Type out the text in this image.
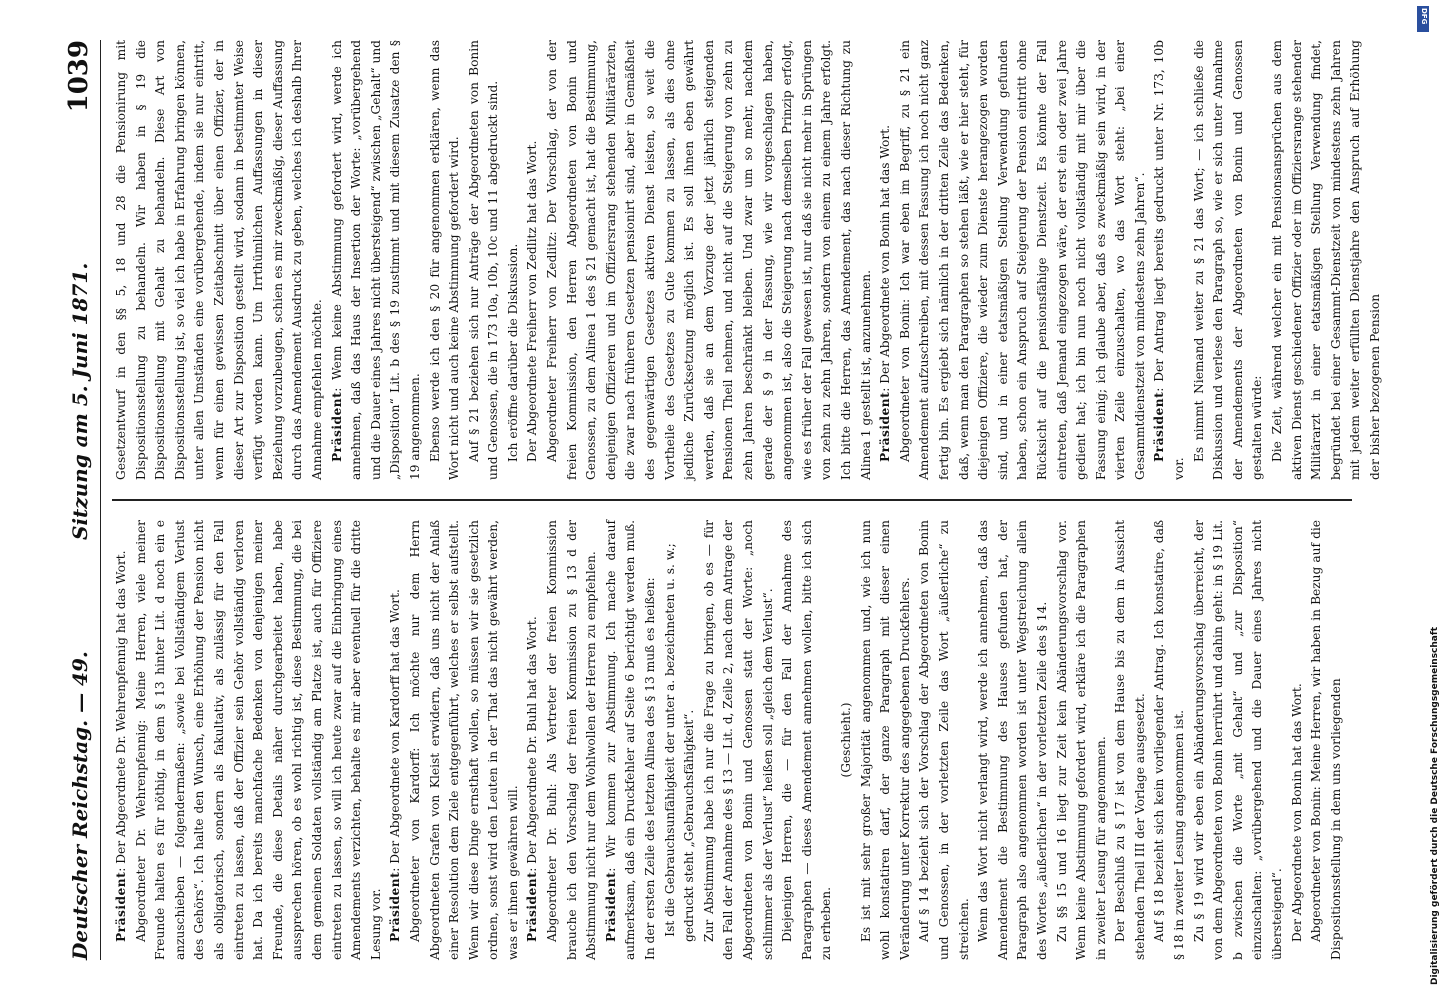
Deutscher Reichstag. — 49.
Sitzung am 5. Juni 1871.
1039

Präsident: Der Abgeordnete Dr. Wehrenpfennig hat das Wort. Abgeordneter Dr. Wehrenpfennig: Meine Herren, viele meiner Freunde halten es für nöthig, in dem § 13 hinter Lit. d noch ein e anzuschieben — folgendermaßen: „sowie bei Vollständigem Verlust des Gehörs“. Ich halte den Wunsch, eine Erhöhung der Pension nicht als obligatorisch, sondern als fakultativ, als zulässig für den Fall eintreten zu lassen, daß der Offizier sein Gehör vollständig verloren hat. Da ich bereits manchfache Bedenken von denjenigen meiner Freunde, die diese Details näher durchgearbeitet haben, habe aussprechen hören, ob es wohl richtig ist, diese Bestimmung, die bei dem gemeinen Soldaten vollständig am Platze ist, auch für Offiziere eintreten zu lassen, so will ich heute zwar auf die Einbringung eines Amendements verzichten, behalte es mir aber eventuell für die dritte Lesung vor. Präsident: Der Abgeordnete von Kardorff hat das Wort. Abgeordneter von Kardorff: Ich möchte nur dem Herrn Abgeordneten Grafen von Kleist erwidern, daß uns nicht der Anlaß einer Resolution dem Ziele entgegenführt, welches er selbst aufstellt. Wenn wir diese Dinge ernsthaft wollen, so müssen wir sie gesetzlich ordnen, sonst wird den Leuten in der That das nicht gewährt werden, was er ihnen gewähren will. Präsident: Der Abgeordnete Dr. Buhl hat das Wort. Abgeordneter Dr. Buhl: Als Vertreter der freien Kommission brauche ich den Vorschlag der freien Kommission zu § 13 d der Abstimmung nicht nur dem Wohlwollen der Herren zu empfehlen. Präsident: Wir kommen zur Abstimmung. Ich mache darauf aufmerksam, daß ein Druckfehler auf Seite 6 berichtigt werden muß. In der ersten Zeile des letzten Alinea des § 13 muß es heißen: Ist die Gebrauchsunfähigkeit der unter a. bezeichneten u. s. w.; gedruckt steht „Gebrauchsfähigkeit“. Zur Abstimmung habe ich nur die Frage zu bringen, ob es — für den Fall der Annahme des § 13 — Lit. d, Zeile 2, nach dem Antrage der Abgeordneten von Bonin und Genossen statt der Worte: „noch schlimmer als der Verlust“ heißen soll „gleich dem Verlust“. Diejenigen Herren, die — für den Fall der Annahme des Paragraphen — dieses Amendement annehmen wollen, bitte ich sich zu erheben.

(Geschieht.) Es ist mit sehr großer Majorität angenommen und, wie ich nun wohl konstatiren darf, der ganze Paragraph mit dieser einen Veränderung unter Korrektur des angegebenen Druckfehlers. Auf § 14 bezieht sich der Vorschlag der Abgeordneten von Bonin und Genossen, in der vorletzten Zeile das Wort „äußerliche“ zu streichen. Wenn das Wort nicht verlangt wird, werde ich annehmen, daß das Amendement die Bestimmung des Hauses gefunden hat, der Paragraph also angenommen worden ist unter Wegstreichung allein des Wortes „äußerlichen“ in der vorletzten Zeile des § 14. Zu §§ 15 und 16 liegt zur Zeit kein Abänderungsvorschlag vor. Wenn keine Abstimmung gefordert wird, erkläre ich die Paragraphen in zweiter Lesung für angenommen. Der Beschluß zu § 17 ist von dem Hause bis zu dem in Aussicht stehenden Theil III der Vorlage ausgesetzt. Auf § 18 bezieht sich kein vorliegender Antrag. Ich konstatire, daß § 18 in zweiter Lesung angenommen ist. Zu § 19 wird wir eben ein Abänderungsvorschlag überreicht, der von dem Abgeordneten von Bonin herrührt und dahin geht: in § 19 Lit. b zwischen die Worte „mit Gehalt“ und „zur Disposition“ einzuschalten: „vorübergehend und die Dauer eines Jahres nicht übersteigend“. Der Abgeordnete von Bonin hat das Wort. Abgeordneter von Bonin: Meine Herren, wir haben in Bezug auf die Dispositionsstellung in dem uns vorliegenden

Gesetzentwurf in den §§ 5, 18 und 28 die Pensionirung mit Dispositionsstellung zu behandeln. Wir haben in § 19 die Dispositionsstellung mit Gehalt zu behandeln. Diese Art von Dispositionsstellung ist, so viel ich habe in Erfahrung bringen können, unter allen Umständen eine vorübergehende, indem sie nur eintritt, wenn für einen gewissen Zeitabschnitt über einen Offizier, der in dieser Art zur Disposition gestellt wird, sodann in bestimmter Weise verfügt worden kann. Um Irrthümlichen Auffassungen in dieser Beziehung vorzubeugen, schien es mir zweckmäßig, dieser Auffassung durch das Amendement Ausdruck zu geben, welches ich deshalb Ihrer Annahme empfehlen möchte. Präsident: Wenn keine Abstimmung gefordert wird, werde ich annehmen, daß das Haus der Insertion der Worte: „vorübergehend und die Dauer eines Jahres nicht übersteigend“ zwischen „Gehalt“ und „Disposition“ Lit. b des § 19 zustimmt und mit diesem Zusatze den § 19 angenommen. Ebenso werde ich den § 20 für angenommen erklären, wenn das Wort nicht und auch keine Abstimmung gefordert wird. Auf § 21 beziehen sich nur Anträge der Abgeordneten von Bonin und Genossen, die in 173 10a, 10b, 10c und 11 abgedruckt sind. Ich eröffne darüber die Diskussion. Der Abgeordnete Freiherr von Zedlitz hat das Wort. Abgeordneter Freiherr von Zedlitz: Der Vorschlag, der von der freien Kommission, den Herren Abgeordneten von Bonin und Genossen, zu dem Alinea 1 des § 21 gemacht ist, hat die Bestimmung, denjenigen Offizieren und im Offiziersrang stehenden Militärärzten, die zwar nach früheren Gesetzen pensionirt sind, aber in Gemäßheit des gegenwärtigen Gesetzes aktiven Dienst leisten, so weit die Vortheile des Gesetzes zu Gute kommen zu lassen, als dies ohne jedliche Zurücksetzung möglich ist. Es soll ihnen eben gewährt werden, daß sie an dem Vorzuge der jetzt jährlich steigenden Pensionen Theil nehmen, und nicht auf die Steigerung von zehn zu zehn Jahren beschränkt bleiben. Und zwar um so mehr, nachdem gerade der § 9 in der Fassung, wie wir vorgeschlagen haben, angenommen ist, also die Steigerung nach demselben Prinzip erfolgt, wie es früher der Fall gewesen ist, nur daß sie nicht mehr in Sprüngen von zehn zu zehn Jahren, sondern von einem zu einem Jahre erfolgt. Ich bitte die Herren, das Amendement, das nach dieser Richtung zu Alinea 1 gestellt ist, anzunehmen. Präsident: Der Abgeordnete von Bonin hat das Wort. Abgeordneter von Bonin: Ich war eben im Begriff, zu § 21 ein Amendement aufzuschreiben, mit dessen Fassung ich noch nicht ganz fertig bin. Es ergiebt sich nämlich in der dritten Zeile das Bedenken, daß, wenn man den Paragraphen so stehen läßt, wie er hier steht, für diejenigen Offiziere, die wieder zum Dienste herangezogen worden sind, und in einer etatsmäßigen Stellung Verwendung gefunden haben, schon ein Anspruch auf Steigerung der Pension eintritt ohne Rücksicht auf die pensionsfähige Dienstzeit. Es könnte der Fall eintreten, daß Jemand eingezogen wäre, der erst ein oder zwei Jahre gedient hat; ich bin nun noch nicht vollständig mit mir über die Fassung einig; ich glaube aber, daß es zweckmäßig sein wird, in der vierten Zeile einzuschalten, wo das Wort steht: „bei einer Gesammtdienstzeit von mindestens zehn Jahren“. Präsident: Der Antrag liegt bereits gedruckt unter Nr. 173, 10b vor.

Es nimmt Niemand weiter zu § 21 das Wort; — ich schließe die Diskussion und verlese den Paragraph so, wie er sich unter Annahme der Amendements der Abgeordneten von Bonin und Genossen gestalten würde: Die Zeit, während welcher ein mit Pensionsansprüchen aus dem aktiven Dienst geschiedener Offizier oder im Offiziersrange stehender Militärarzt in einer etatsmäßigen Stellung Verwendung findet, begründet bei einer Gesammt-Dienstzeit von mindestens zehn Jahren mit jedem weiter erfüllten Dienstjahre den Anspruch auf Erhöhung der bisher bezogenen Pension

DFG
Digitalisierung gefördert durch die Deutsche Forschungsgemeinschaft
